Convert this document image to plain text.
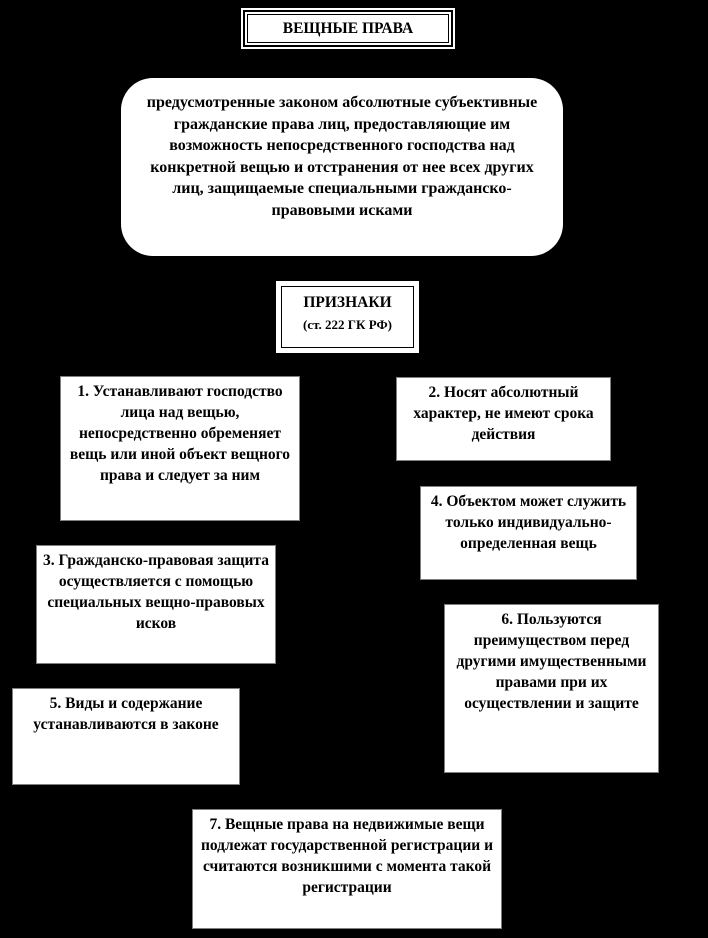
ВЕЩНЫЕ ПРАВА
предусмотренные законом абсолютные субъективные гражданские права лиц, предоставляющие им возможность непосредственного господства над конкретной вещью и отстранения от нее всех других лиц, защищаемые специальными гражданско-правовыми исками
ПРИЗНАКИ
(ст. 222 ГК РФ)
1. Устанавливают господство лица над вещью, непосредственно обременяет вещь или иной объект вещного права и следует за ним
2. Носят абсолютный характер, не имеют срока действия
3. Гражданско-правовая защита осуществляется с помощью специальных вещно-правовых исков
4. Объектом может служить только индивидуально-определенная вещь
5. Виды и содержание устанавливаются в законе
6. Пользуются преимуществом перед другими имущественными правами при их осуществлении и защите
7. Вещные права на недвижимые вещи подлежат государственной регистрации и считаются возникшими с момента такой регистрации
